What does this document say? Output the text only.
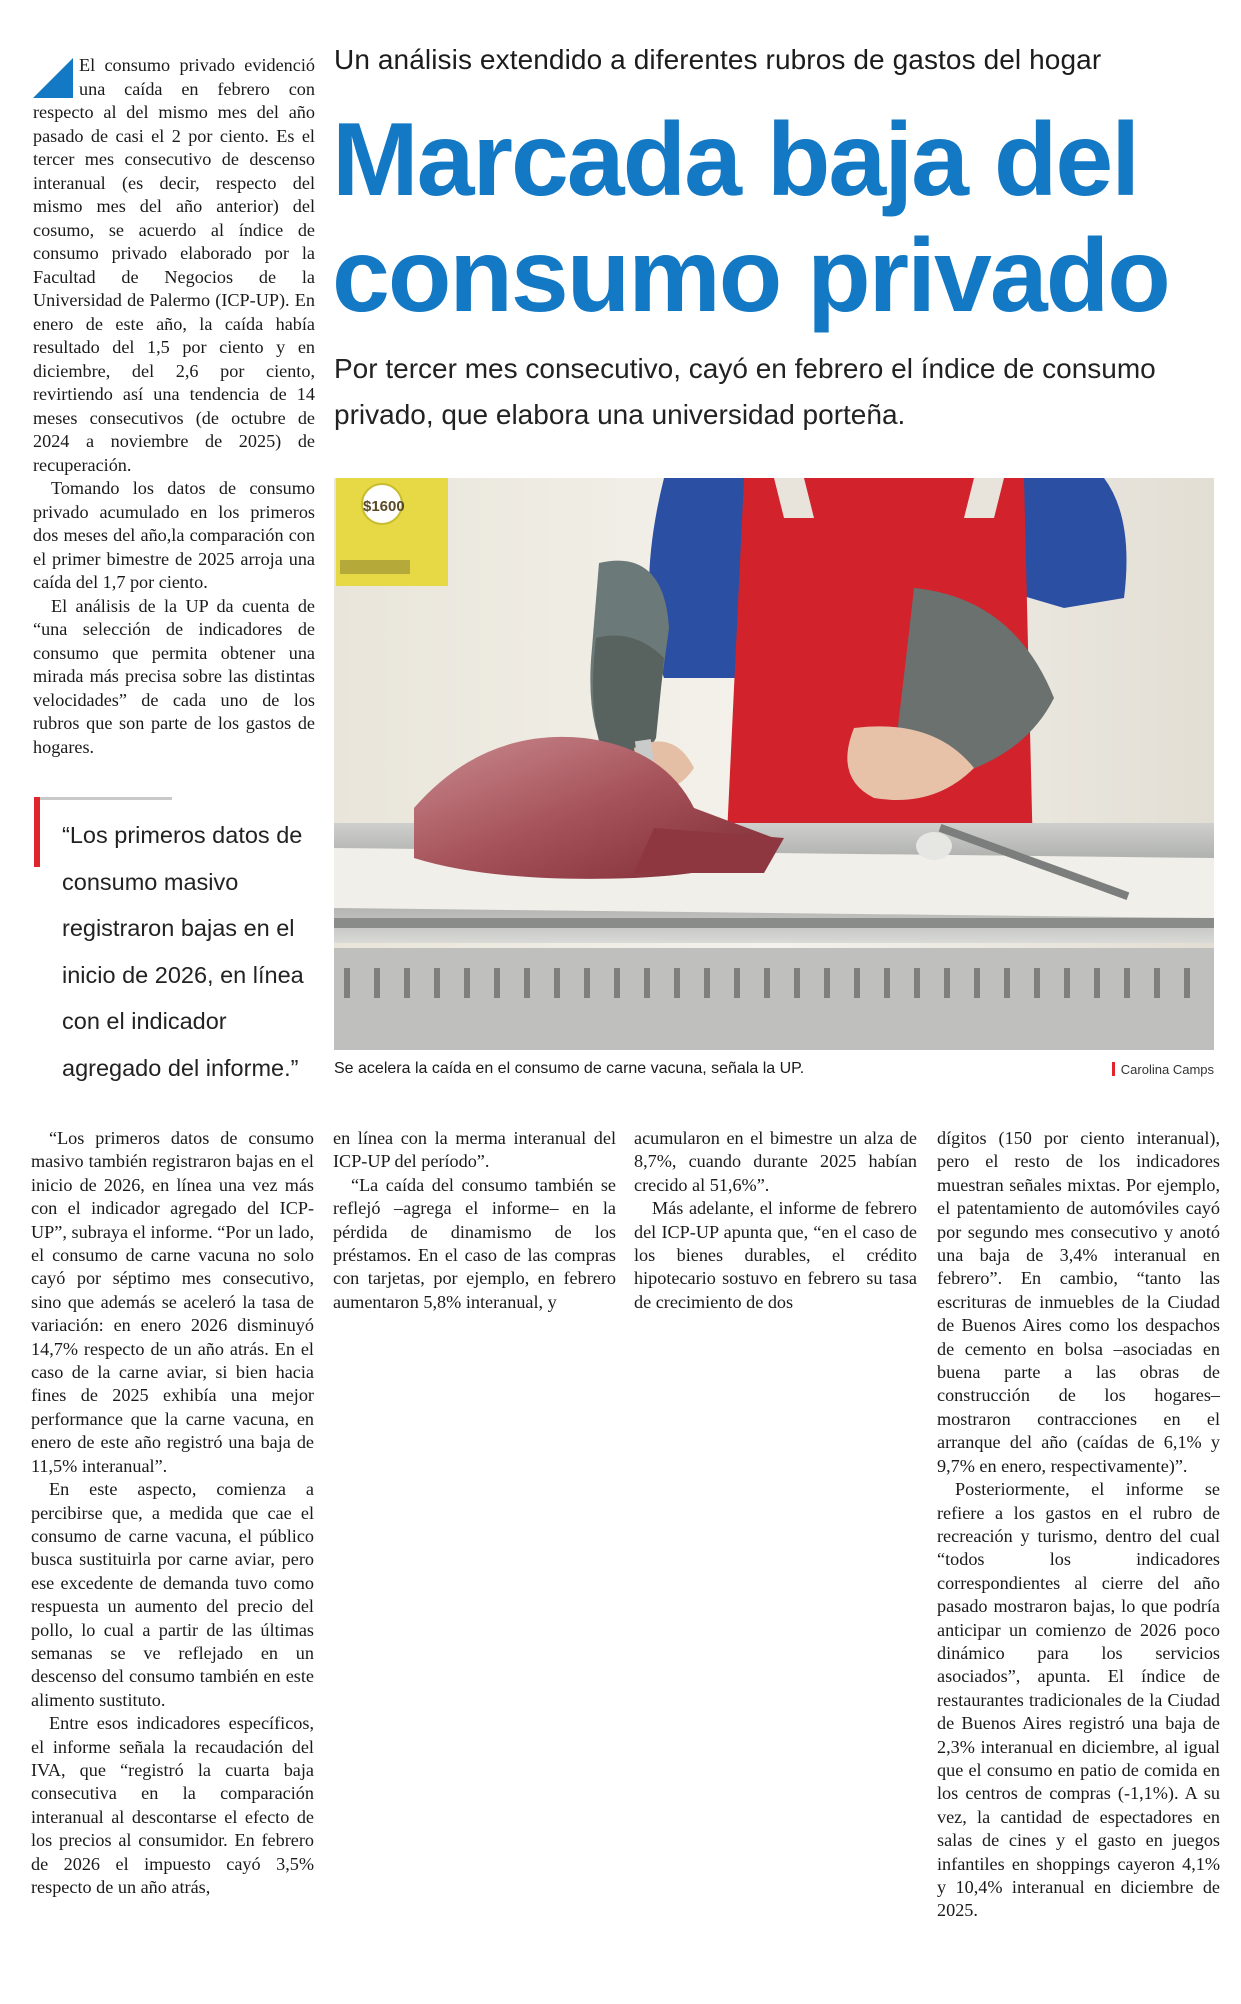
El consumo privado evidenció una caída en febrero con respecto al del mismo mes del año pasado de casi el 2 por ciento. Es el tercer mes consecutivo de descenso interanual (es decir, respecto del mismo mes del año anterior) del cosumo, se acuerdo al índice de consumo privado elaborado por la Facultad de Negocios de la Universidad de Palermo (ICP-UP). En enero de este año, la caída había resultado del 1,5 por ciento y en diciembre, del 2,6 por ciento, revirtiendo así una tendencia de 14 meses consecutivos (de octubre de 2024 a noviembre de 2025) de recuperación.

Tomando los datos de consumo privado acumulado en los primeros dos meses del año,la comparación con el primer bimestre de 2025 arroja una caída del 1,7 por ciento.

El análisis de la UP da cuenta de “una selección de indicadores de consumo que permita obtener una mirada más precisa sobre las distintas velocidades” de cada uno de los rubros que son parte de los gastos de hogares.

Un análisis extendido a diferentes rubros de gastos del hogar
Marcada baja del consumo privado
Por tercer mes consecutivo, cayó en febrero el índice de consumo privado, que elabora una universidad porteña.
$1600
Se acelera la caída en el consumo de carne vacuna, señala la UP.	Carolina Camps
“Los primeros datos de consumo masivo registraron bajas en el inicio de 2026, en línea con el indicador agregado del informe.”

“Los primeros datos de consumo masivo también registraron bajas en el inicio de 2026, en línea una vez más con el indicador agregado del ICP-UP”, subraya el informe. “Por un lado, el consumo de carne vacuna no solo cayó por séptimo mes consecutivo, sino que además se aceleró la tasa de variación: en enero 2026 disminuyó 14,7% respecto de un año atrás. En el caso de la carne aviar, si bien hacia fines de 2025 exhibía una mejor performance que la carne vacuna, en enero de este año registró una baja de 11,5% interanual”.

En este aspecto, comienza a percibirse que, a medida que cae el consumo de carne vacuna, el público busca sustituirla por carne aviar, pero ese excedente de demanda tuvo como respuesta un aumento del precio del pollo, lo cual a partir de las últimas semanas se ve reflejado en un descenso del consumo también en este alimento sustituto.

Entre esos indicadores específicos, el informe señala la recaudación del IVA, que “registró la cuarta baja consecutiva en la comparación interanual al descontarse el efecto de los precios al consumidor. En febrero de 2026 el impuesto cayó 3,5% respecto de un año atrás,

en línea con la merma interanual del ICP-UP del período”.

“La caída del consumo también se reflejó –agrega el informe– en la pérdida de dinamismo de los préstamos. En el caso de las compras con tarjetas, por ejemplo, en febrero aumentaron 5,8% interanual, y

acumularon en el bimestre un alza de 8,7%, cuando durante 2025 habían crecido al 51,6%”.

Más adelante, el informe de febrero del ICP-UP apunta que, “en el caso de los bienes durables, el crédito hipotecario sostuvo en febrero su tasa de crecimiento de dos

dígitos (150 por ciento interanual), pero el resto de los indicadores muestran señales mixtas. Por ejemplo, el patentamiento de automóviles cayó por segundo mes consecutivo y anotó una baja de 3,4% interanual en febrero”. En cambio, “tanto las escrituras de inmuebles de la Ciudad de Buenos Aires como los despachos de cemento en bolsa –asociadas en buena parte a las obras de construcción de los hogares– mostraron contracciones en el arranque del año (caídas de 6,1% y 9,7% en enero, respectivamente)”.

Posteriormente, el informe se refiere a los gastos en el rubro de recreación y turismo, dentro del cual “todos los indicadores correspondientes al cierre del año pasado mostraron bajas, lo que podría anticipar un comienzo de 2026 poco dinámico para los servicios asociados”, apunta. El índice de restaurantes tradicionales de la Ciudad de Buenos Aires registró una baja de 2,3% interanual en diciembre, al igual que el consumo en patio de comida en los centros de compras (-1,1%). A su vez, la cantidad de espectadores en salas de cines y el gasto en juegos infantiles en shoppings cayeron 4,1% y 10,4% interanual en diciembre de 2025.
